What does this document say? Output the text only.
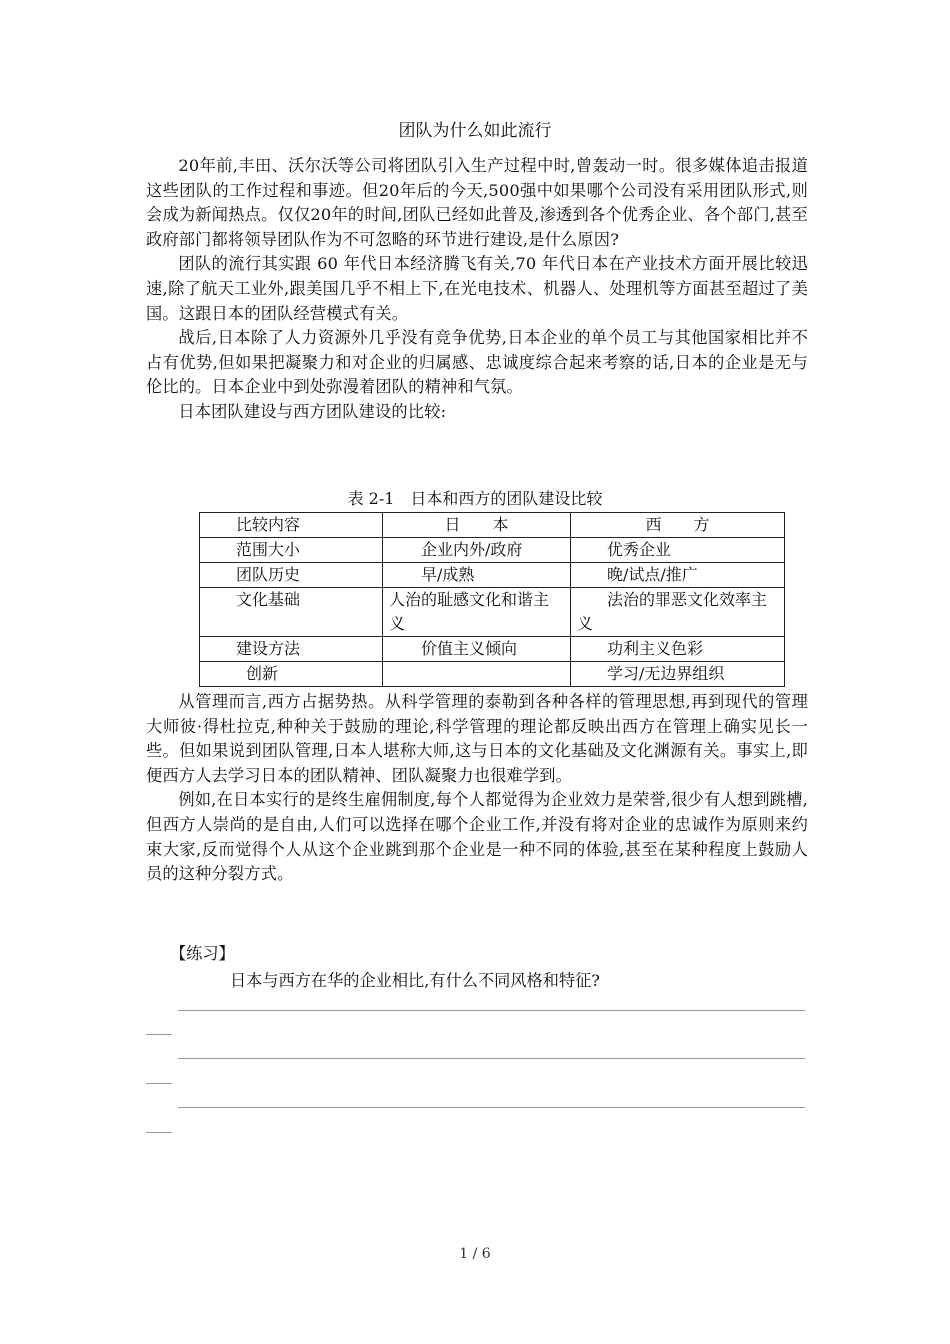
团队为什么如此流行

20年前,丰田、沃尔沃等公司将团队引入生产过程中时,曾轰动一时。很多媒体追击报道这些团队的工作过程和事迹。但20年后的今天,500强中如果哪个公司没有采用团队形式,则会成为新闻热点。仅仅20年的时间,团队已经如此普及,渗透到各个优秀企业、各个部门,甚至政府部门都将领导团队作为不可忽略的环节进行建设,是什么原因?

团队的流行其实跟 60 年代日本经济腾飞有关,70 年代日本在产业技术方面开展比较迅速,除了航天工业外,跟美国几乎不相上下,在光电技术、机器人、处理机等方面甚至超过了美国。这跟日本的团队经营模式有关。

战后,日本除了人力资源外几乎没有竞争优势,日本企业的单个员工与其他国家相比并不占有优势,但如果把凝聚力和对企业的归属感、忠诚度综合起来考察的话,日本的企业是无与伦比的。日本企业中到处弥漫着团队的精神和气氛。

日本团队建设与西方团队建设的比较:

表 2-1　日本和西方的团队建设比较
比较内容	日　　本	西　　方
范围大小	企业内外/政府	优秀企业
团队历史	早/成熟	晚/试点/推广
文化基础	人治的耻感文化和谐主义	法治的罪恶文化效率主义
建设方法	价值主义倾向	功利主义色彩
创新		学习/无边界组织

从管理而言,西方占据势热。从科学管理的泰勒到各种各样的管理思想,再到现代的管理大师彼·得杜拉克,种种关于鼓励的理论,科学管理的理论都反映出西方在管理上确实见长一些。但如果说到团队管理,日本人堪称大师,这与日本的文化基础及文化渊源有关。事实上,即便西方人去学习日本的团队精神、团队凝聚力也很难学到。

例如,在日本实行的是终生雇佣制度,每个人都觉得为企业效力是荣誉,很少有人想到跳槽,但西方人崇尚的是自由,人们可以选择在哪个企业工作,并没有将对企业的忠诚作为原则来约束大家,反而觉得个人从这个企业跳到那个企业是一种不同的体验,甚至在某种程度上鼓励人员的这种分裂方式。

【练习】
日本与西方在华的企业相比,有什么不同风格和特征?
1 / 6
